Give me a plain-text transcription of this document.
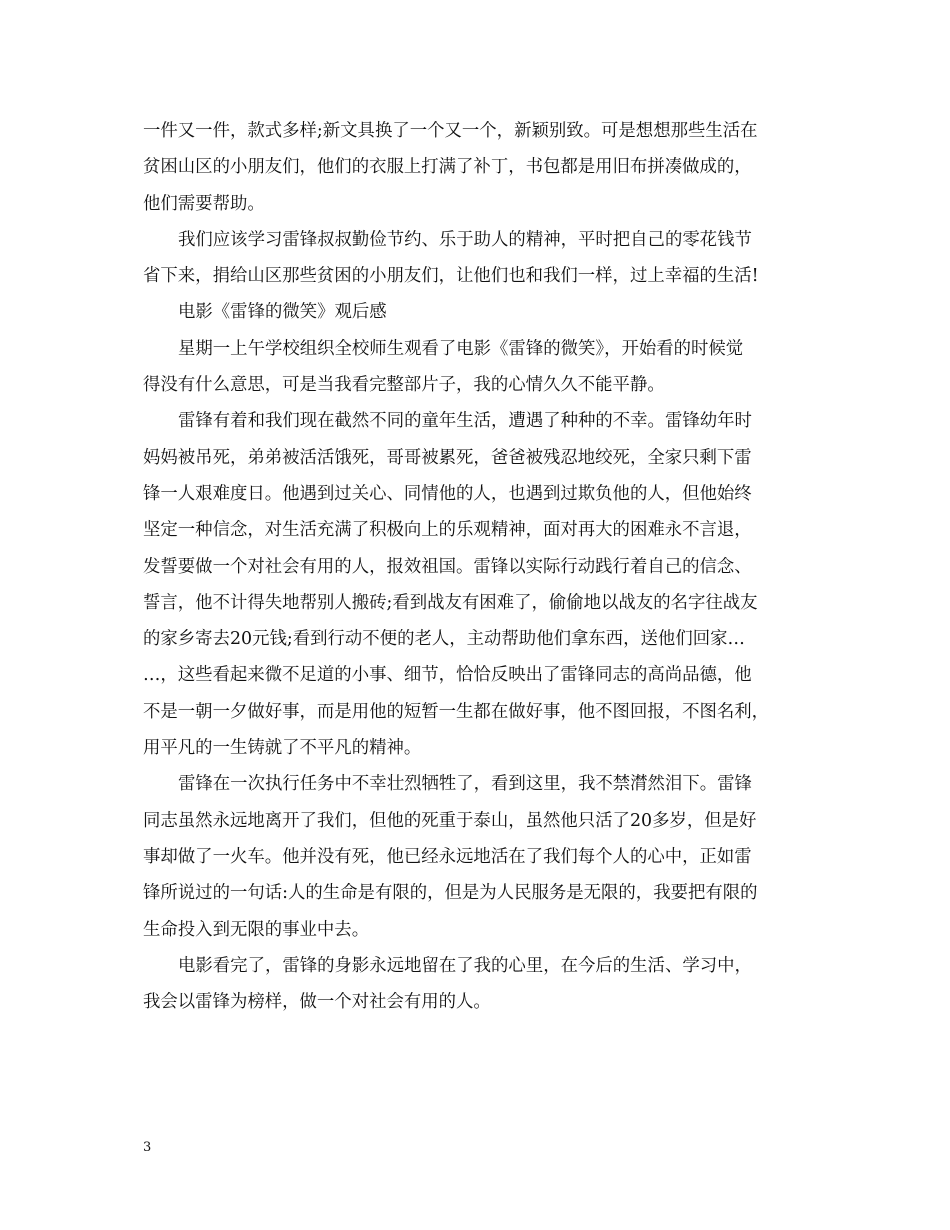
一件又一件，款式多样;新文具换了一个又一个，新颖别致。可是想想那些生活在
贫困山区的小朋友们，他们的衣服上打满了补丁，书包都是用旧布拼凑做成的，
他们需要帮助。
我们应该学习雷锋叔叔勤俭节约、乐于助人的精神，平时把自己的零花钱节
省下来，捐给山区那些贫困的小朋友们，让他们也和我们一样，过上幸福的生活!
电影《雷锋的微笑》观后感
星期一上午学校组织全校师生观看了电影《雷锋的微笑》，开始看的时候觉
得没有什么意思，可是当我看完整部片子，我的心情久久不能平静。
雷锋有着和我们现在截然不同的童年生活，遭遇了种种的不幸。雷锋幼年时
妈妈被吊死，弟弟被活活饿死，哥哥被累死，爸爸被残忍地绞死，全家只剩下雷
锋一人艰难度日。他遇到过关心、同情他的人，也遇到过欺负他的人，但他始终
坚定一种信念，对生活充满了积极向上的乐观精神，面对再大的困难永不言退，
发誓要做一个对社会有用的人，报效祖国。雷锋以实际行动践行着自己的信念、
誓言，他不计得失地帮别人搬砖;看到战友有困难了，偷偷地以战友的名字往战友
的家乡寄去20元钱;看到行动不便的老人，主动帮助他们拿东西，送他们回家…
…，这些看起来微不足道的小事、细节，恰恰反映出了雷锋同志的高尚品德，他
不是一朝一夕做好事，而是用他的短暂一生都在做好事，他不图回报，不图名利，
用平凡的一生铸就了不平凡的精神。
雷锋在一次执行任务中不幸壮烈牺牲了，看到这里，我不禁潸然泪下。雷锋
同志虽然永远地离开了我们，但他的死重于泰山，虽然他只活了20多岁，但是好
事却做了一火车。他并没有死，他已经永远地活在了我们每个人的心中，正如雷
锋所说过的一句话:人的生命是有限的，但是为人民服务是无限的，我要把有限的
生命投入到无限的事业中去。
电影看完了，雷锋的身影永远地留在了我的心里，在今后的生活、学习中，
我会以雷锋为榜样，做一个对社会有用的人。
3
